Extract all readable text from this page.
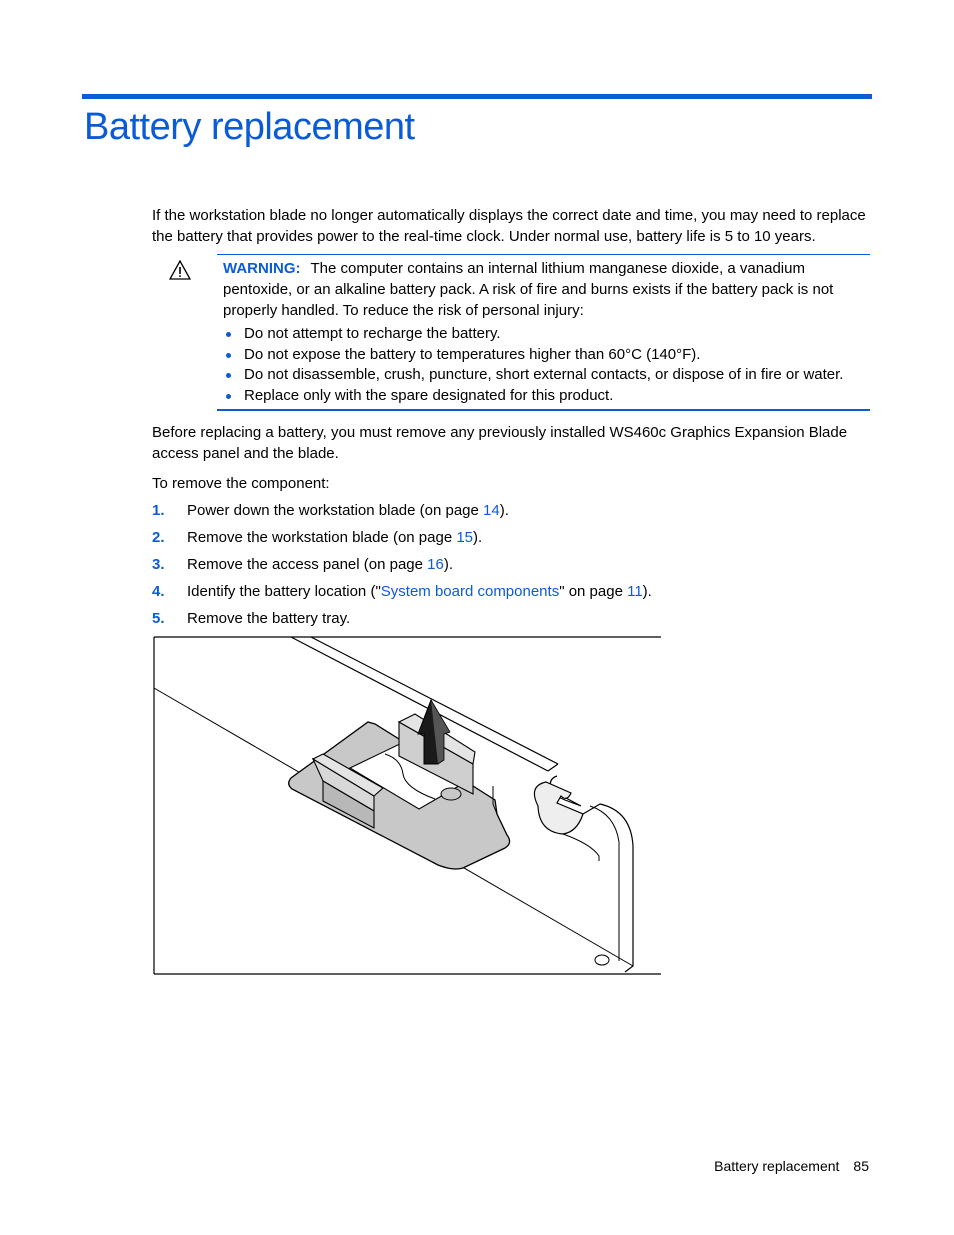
Battery replacement

If the workstation blade no longer automatically displays the correct date and time, you may need to replace the battery that provides power to the real-time clock. Under normal use, battery life is 5 to 10 years.

WARNING: The computer contains an internal lithium manganese dioxide, a vanadium pentoxide, or an alkaline battery pack. A risk of fire and burns exists if the battery pack is not properly handled. To reduce the risk of personal injury:

Do not attempt to recharge the battery.
Do not expose the battery to temperatures higher than 60°C (140°F).
Do not disassemble, crush, puncture, short external contacts, or dispose of in fire or water.
Replace only with the spare designated for this product.

Before replacing a battery, you must remove any previously installed WS460c Graphics Expansion Blade access panel and the blade.

To remove the component:

1. Power down the workstation blade (on page 14).
2. Remove the workstation blade (on page 15).
3. Remove the access panel (on page 16).
4. Identify the battery location ("System board components" on page 11).
5. Remove the battery tray.
Battery replacement 85
